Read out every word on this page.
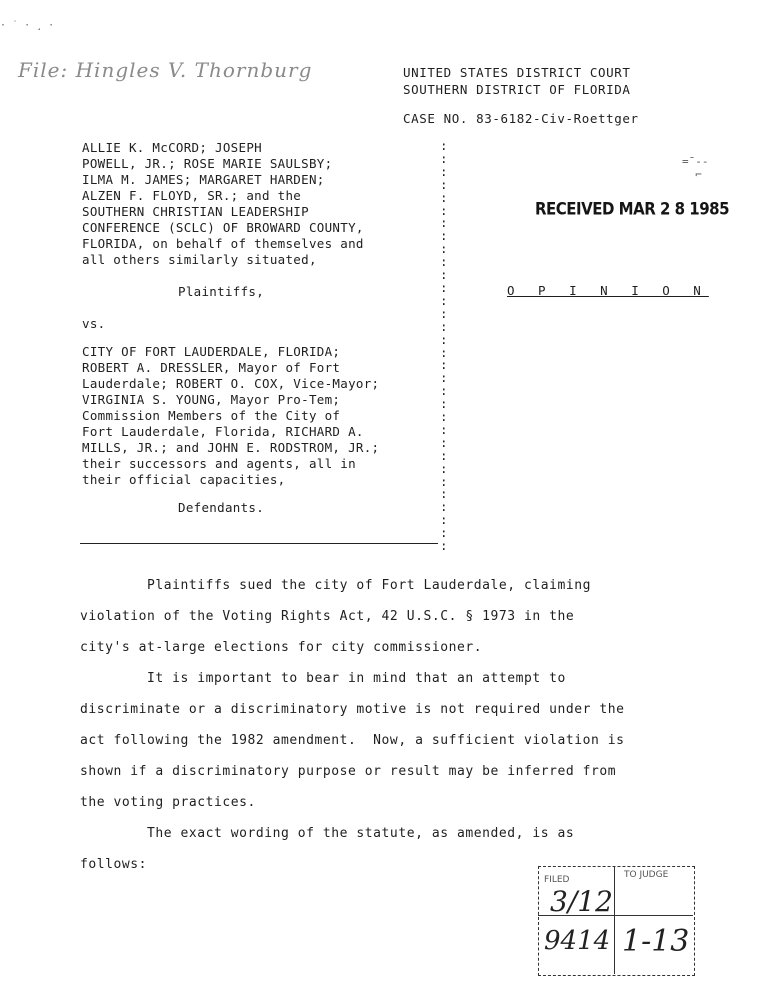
· ˙ · ¸ ·
File: Hingles V. Thornburg	UNITED STATES DISTRICT COURT
SOUTHERN DISTRICT OF FLORIDA
CASE NO. 83-6182-Civ-Roettger
ALLIE K. McCORD; JOSEPH
POWELL, JR.; ROSE MARIE SAULSBY;
ILMA M. JAMES; MARGARET HARDEN;
ALZEN F. FLOYD, SR.; and the
SOUTHERN CHRISTIAN LEADERSHIP
CONFERENCE (SCLC) OF BROWARD COUNTY,
FLORIDA, on behalf of themselves and
all others similarly situated,
Plaintiffs,
vs.
CITY OF FORT LAUDERDALE, FLORIDA;
ROBERT A. DRESSLER, Mayor of Fort
Lauderdale; ROBERT O. COX, Vice-Mayor;
VIRGINIA S. YOUNG, Mayor Pro-Tem;
Commission Members of the City of
Fort Lauderdale, Florida, RICHARD A.
MILLS, JR.; and JOHN E. RODSTROM, JR.;
their successors and agents, all in
their official capacities,
Defendants.
:
:
:
:
:
:
:
:
:
:
:
:
:
:
:
:
:
:
:
:
:
:
:
:
:
:
:
:
:
:
:
:
RECEIVED MAR 2 8 1985
=̄ ‑‑
⌐
O P I N I O N
Plaintiffs sued the city of Fort Lauderdale, claiming
violation of the Voting Rights Act, 42 U.S.C. § 1973 in the
city's at-large elections for city commissioner.
It is important to bear in mind that an attempt to
discriminate or a discriminatory motive is not required under the
act following the 1982 amendment.  Now, a sufficient violation is
shown if a discriminatory purpose or result may be inferred from
the voting practices.
The exact wording of the statute, as amended, is as
follows:
FILED	TO JUDGE
3/12
9414 1-13
